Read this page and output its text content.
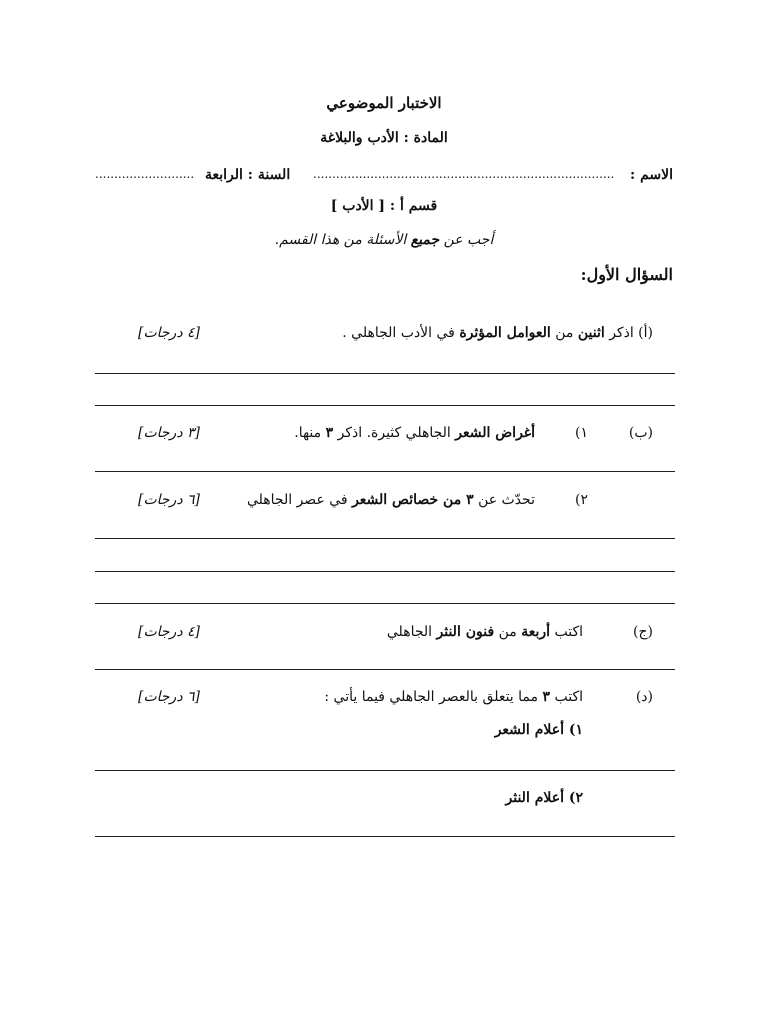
الاختبار الموضوعي
المادة : الأدب والبلاغة
الاسم :
...............................................................................
السنة : الرابعة
..........................
قسم أ : [ الأدب ]
أجب عن جميع الأسئلة من هذا القسم.
السؤال الأول:
(أ) اذكر اثنين من العوامل المؤثرة في الأدب الجاهلي .
[٤ درجات]
(ب)
١)
أغراض الشعر الجاهلي كثيرة. اذكر ٣ منها.
[٣ درجات]
٢)
تحدّث عن ٣ من خصائص الشعر في عصر الجاهلي
[٦ درجات]
(ج)
اكتب أربعة من فنون النثر الجاهلي
[٤ درجات]
(د)
اكتب ٣ مما يتعلق بالعصر الجاهلي فيما يأتي :
[٦ درجات]
١) أعلام الشعر
٢) أعلام النثر
